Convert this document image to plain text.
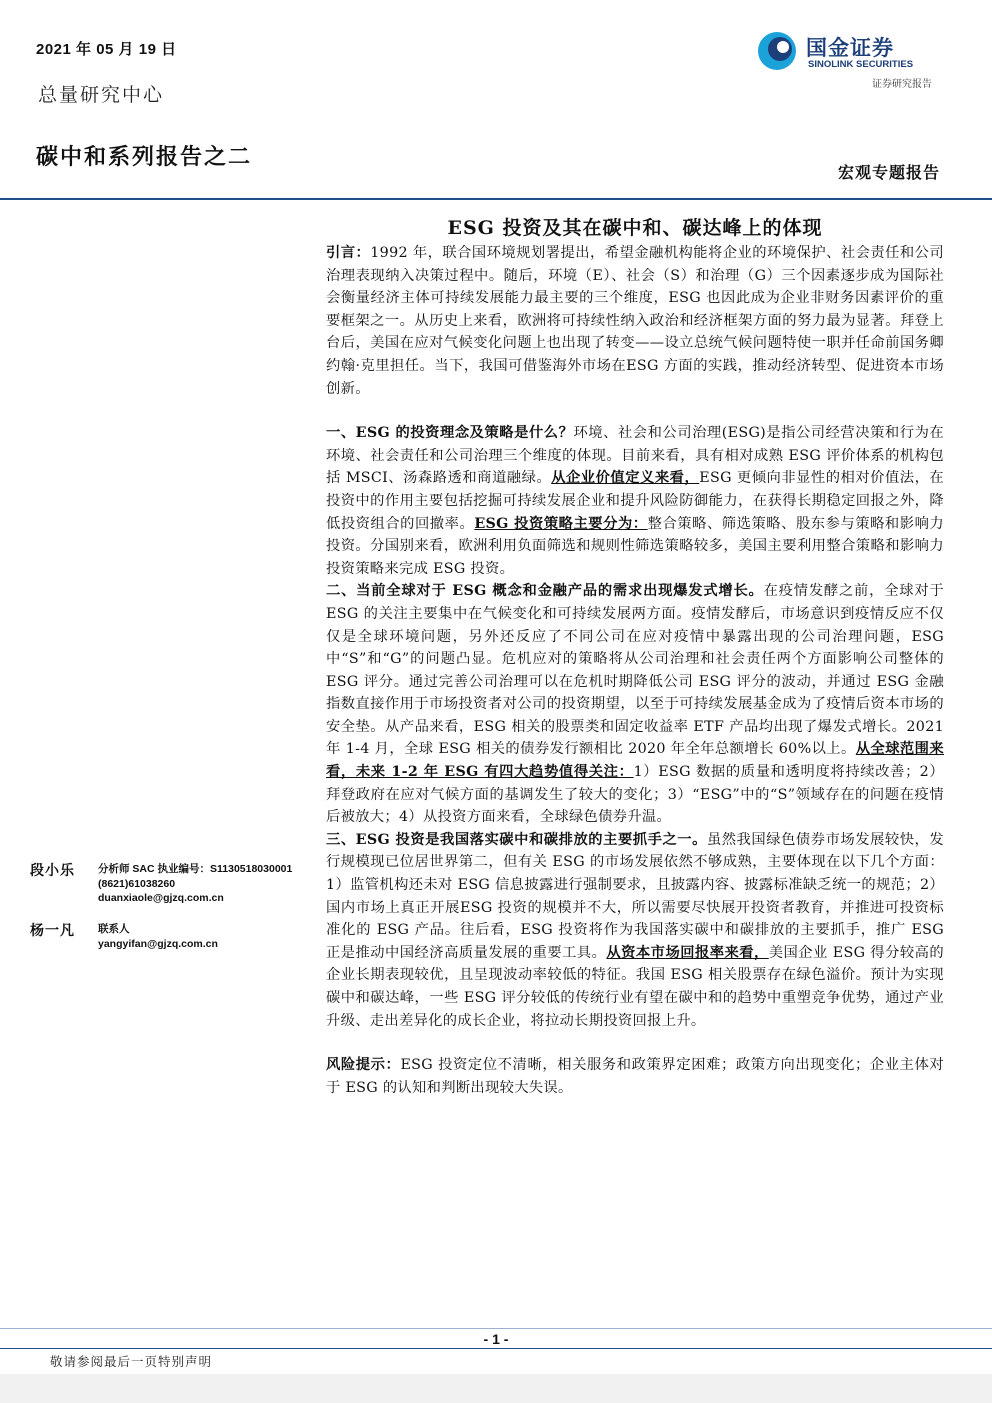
2021 年 05 月 19 日
总量研究中心
碳中和系列报告之二
国金证券
SINOLINK SECURITIES
证券研究报告
宏观专题报告
ESG 投资及其在碳中和、碳达峰上的体现

引言：1992 年，联合国环境规划署提出，希望金融机构能将企业的环境保护、社会责任和公司治理表现纳入决策过程中。随后，环境（E）、社会（S）和治理（G）三个因素逐步成为国际社会衡量经济主体可持续发展能力最主要的三个维度，ESG 也因此成为企业非财务因素评价的重要框架之一。从历史上来看，欧洲将可持续性纳入政治和经济框架方面的努力最为显著。拜登上台后，美国在应对气候变化问题上也出现了转变——设立总统气候问题特使一职并任命前国务卿约翰·克里担任。当下，我国可借鉴海外市场在ESG 方面的实践，推动经济转型、促进资本市场创新。

一、ESG 的投资理念及策略是什么？环境、社会和公司治理(ESG)是指公司经营决策和行为在环境、社会责任和公司治理三个维度的体现。目前来看，具有相对成熟 ESG 评价体系的机构包括 MSCI、汤森路透和商道融绿。从企业价值定义来看，ESG 更倾向非显性的相对价值法，在投资中的作用主要包括挖掘可持续发展企业和提升风险防御能力，在获得长期稳定回报之外，降低投资组合的回撤率。ESG 投资策略主要分为：整合策略、筛选策略、股东参与策略和影响力投资。分国别来看，欧洲利用负面筛选和规则性筛选策略较多，美国主要利用整合策略和影响力投资策略来完成 ESG 投资。

二、当前全球对于 ESG 概念和金融产品的需求出现爆发式增长。在疫情发酵之前，全球对于 ESG 的关注主要集中在气候变化和可持续发展两方面。疫情发酵后，市场意识到疫情反应不仅仅是全球环境问题，另外还反应了不同公司在应对疫情中暴露出现的公司治理问题，ESG 中“S”和“G”的问题凸显。危机应对的策略将从公司治理和社会责任两个方面影响公司整体的 ESG 评分。通过完善公司治理可以在危机时期降低公司 ESG 评分的波动，并通过 ESG 金融指数直接作用于市场投资者对公司的投资期望，以至于可持续发展基金成为了疫情后资本市场的安全垫。从产品来看，ESG 相关的股票类和固定收益率 ETF 产品均出现了爆发式增长。2021 年 1-4 月，全球 ESG 相关的债券发行额相比 2020 年全年总额增长 60%以上。从全球范围来看，未来 1-2 年 ESG 有四大趋势值得关注：1）ESG 数据的质量和透明度将持续改善；2）拜登政府在应对气候方面的基调发生了较大的变化；3）“ESG”中的“S”领域存在的问题在疫情后被放大；4）从投资方面来看，全球绿色债券升温。

三、ESG 投资是我国落实碳中和碳排放的主要抓手之一。虽然我国绿色债券市场发展较快，发行规模现已位居世界第二，但有关 ESG 的市场发展依然不够成熟，主要体现在以下几个方面：1）监管机构还未对 ESG 信息披露进行强制要求，且披露内容、披露标准缺乏统一的规范；2）国内市场上真正开展ESG 投资的规模并不大，所以需要尽快展开投资者教育，并推进可投资标准化的 ESG 产品。往后看，ESG 投资将作为我国落实碳中和碳排放的主要抓手，推广 ESG 正是推动中国经济高质量发展的重要工具。从资本市场回报率来看，美国企业 ESG 得分较高的企业长期表现较优，且呈现波动率较低的特征。我国 ESG 相关股票存在绿色溢价。预计为实现碳中和碳达峰，一些 ESG 评分较低的传统行业有望在碳中和的趋势中重塑竞争优势，通过产业升级、走出差异化的成长企业，将拉动长期投资回报上升。

风险提示：ESG 投资定位不清晰，相关服务和政策界定困难；政策方向出现变化；企业主体对于 ESG 的认知和判断出现较大失误。

段小乐 分析师 SAC 执业编号：S1130518030001
(8621)61038260
duanxiaole@gjzq.com.cn
杨一凡 联系人
yangyifan@gjzq.com.cn
- 1 -
敬请参阅最后一页特别声明
